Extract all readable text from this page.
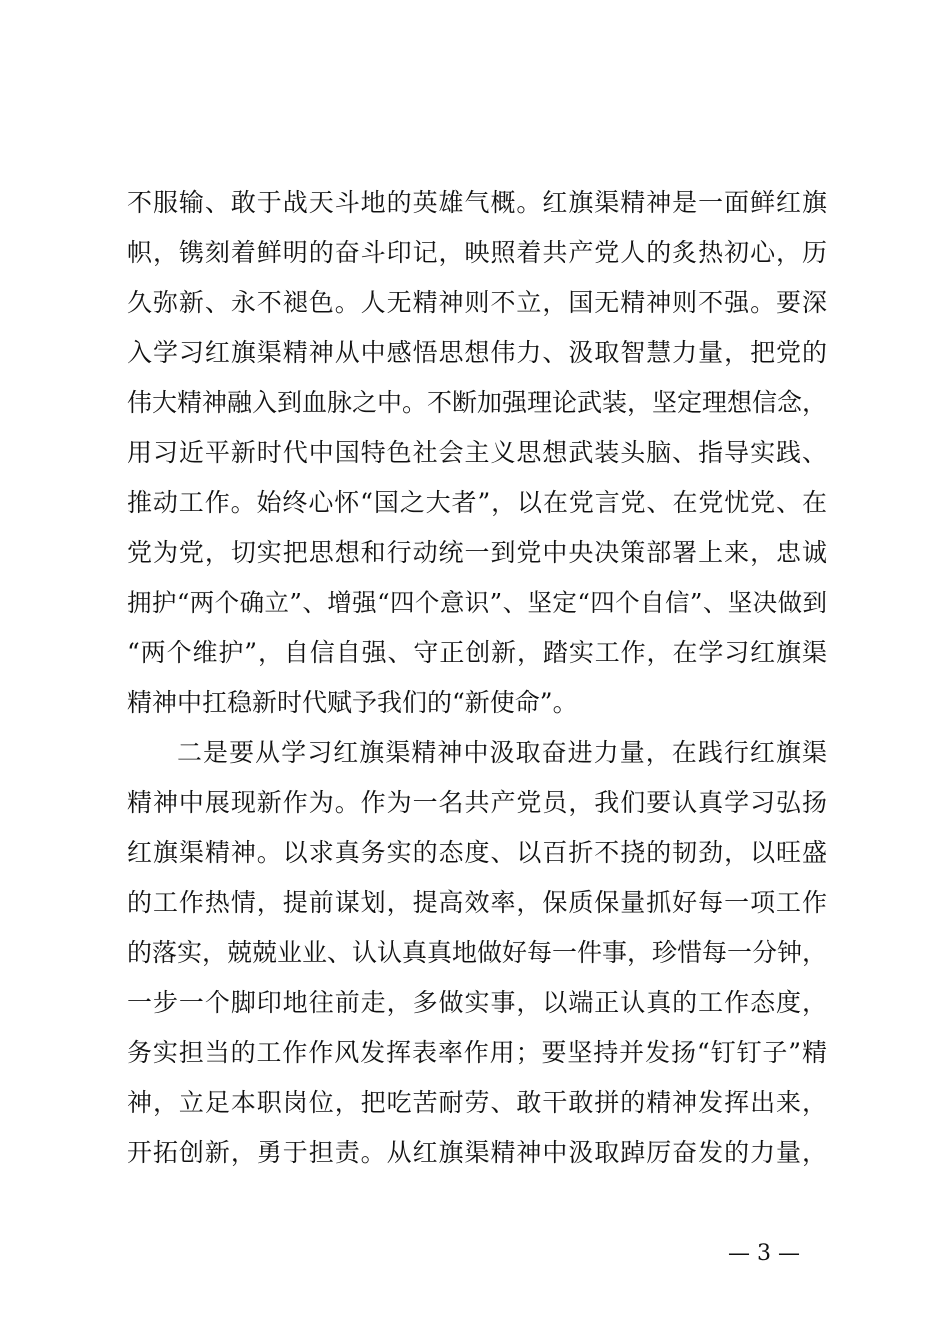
不服输、敢于战天斗地的英雄气概。红旗渠精神是一面鲜红旗
帜，镌刻着鲜明的奋斗印记，映照着共产党人的炙热初心，历
久弥新、永不褪色。人无精神则不立，国无精神则不强。要深
入学习红旗渠精神从中感悟思想伟力、汲取智慧力量，把党的
伟大精神融入到血脉之中。不断加强理论武装，坚定理想信念，
用习近平新时代中国特色社会主义思想武装头脑、指导实践、
推动工作。始终心怀“国之大者”，以在党言党、在党忧党、在
党为党，切实把思想和行动统一到党中央决策部署上来，忠诚
拥护“两个确立”、增强“四个意识”、坚定“四个自信”、坚决做到
“两个维护”，自信自强、守正创新，踏实工作，在学习红旗渠
精神中扛稳新时代赋予我们的“新使命”。
二是要从学习红旗渠精神中汲取奋进力量，在践行红旗渠
精神中展现新作为。作为一名共产党员，我们要认真学习弘扬
红旗渠精神。以求真务实的态度、以百折不挠的韧劲，以旺盛
的工作热情，提前谋划，提高效率，保质保量抓好每一项工作
的落实，兢兢业业、认认真真地做好每一件事，珍惜每一分钟，
一步一个脚印地往前走，多做实事，以端正认真的工作态度，
务实担当的工作作风发挥表率作用；要坚持并发扬“钉钉子”精
神，立足本职岗位，把吃苦耐劳、敢干敢拼的精神发挥出来，
开拓创新，勇于担责。从红旗渠精神中汲取踔厉奋发的力量，
— 3 —
